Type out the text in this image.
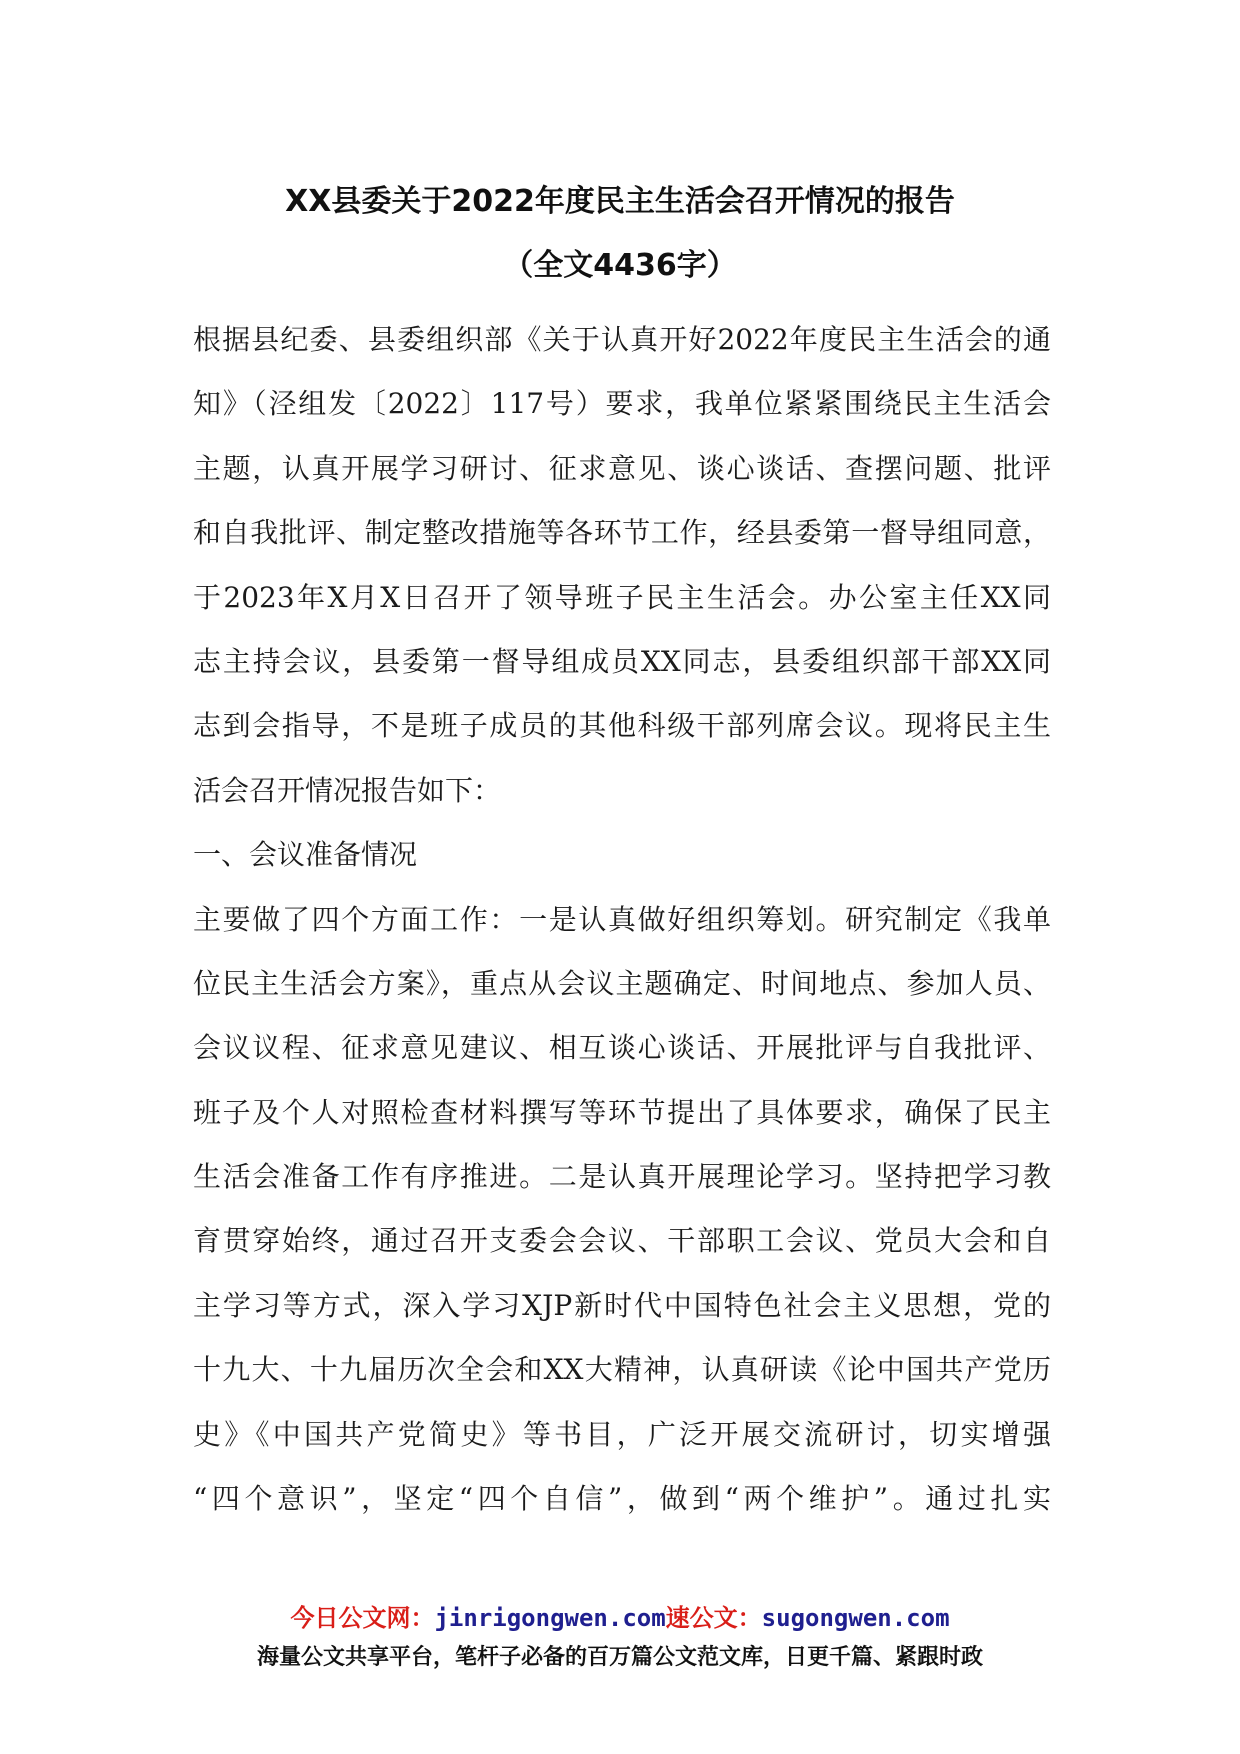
XX县委关于2022年度民主生活会召开情况的报告
（全文4436字）
根据县纪委、县委组织部《关于认真开好2022年度民主生活会的通
知》（泾组发〔2022〕117号）要求，我单位紧紧围绕民主生活会
主题，认真开展学习研讨、征求意见、谈心谈话、查摆问题、批评
和自我批评、制定整改措施等各环节工作，经县委第一督导组同意，
于2023年X月X日召开了领导班子民主生活会。办公室主任XX同
志主持会议，县委第一督导组成员XX同志，县委组织部干部XX同
志到会指导，不是班子成员的其他科级干部列席会议。现将民主生
活会召开情况报告如下：
一、会议准备情况
主要做了四个方面工作：一是认真做好组织筹划。研究制定《我单
位民主生活会方案》，重点从会议主题确定、时间地点、参加人员、
会议议程、征求意见建议、相互谈心谈话、开展批评与自我批评、
班子及个人对照检查材料撰写等环节提出了具体要求，确保了民主
生活会准备工作有序推进。二是认真开展理论学习。坚持把学习教
育贯穿始终，通过召开支委会会议、干部职工会议、党员大会和自
主学习等方式，深入学习XJP新时代中国特色社会主义思想，党的
十九大、十九届历次全会和XX大精神，认真研读《论中国共产党历
史》《中国共产党简史》等书目，广泛开展交流研讨，切实增强
“四个意识”，坚定“四个自信”，做到“两个维护”。通过扎实
今日公文网：jinrigongwen.com速公文：sugongwen.com
海量公文共享平台，笔杆子必备的百万篇公文范文库，日更千篇、紧跟时政
